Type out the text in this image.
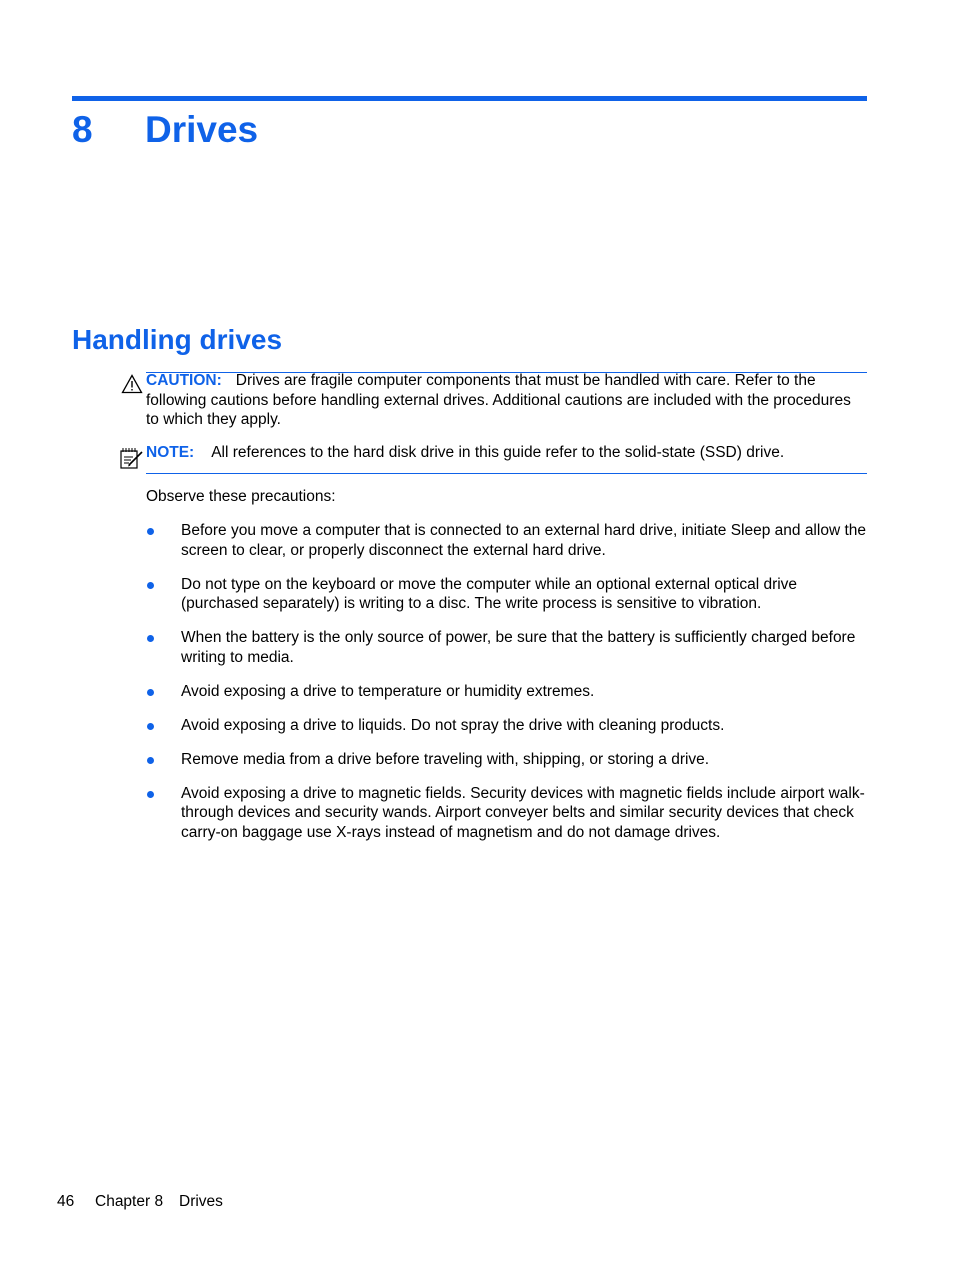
8 Drives
Handling drives
CAUTION: Drives are fragile computer components that must be handled with care. Refer to the following cautions before handling external drives. Additional cautions are included with the procedures to which they apply.
NOTE: All references to the hard disk drive in this guide refer to the solid-state (SSD) drive.

Observe these precautions:

Before you move a computer that is connected to an external hard drive, initiate Sleep and allow the screen to clear, or properly disconnect the external hard drive.
Do not type on the keyboard or move the computer while an optional external optical drive (purchased separately) is writing to a disc. The write process is sensitive to vibration.
When the battery is the only source of power, be sure that the battery is sufficiently charged before writing to media.
Avoid exposing a drive to temperature or humidity extremes.
Avoid exposing a drive to liquids. Do not spray the drive with cleaning products.
Remove media from a drive before traveling with, shipping, or storing a drive.
Avoid exposing a drive to magnetic fields. Security devices with magnetic fields include airport walk-through devices and security wands. Airport conveyer belts and similar security devices that check carry-on baggage use X-rays instead of magnetism and do not damage drives.
46 Chapter 8 Drives
